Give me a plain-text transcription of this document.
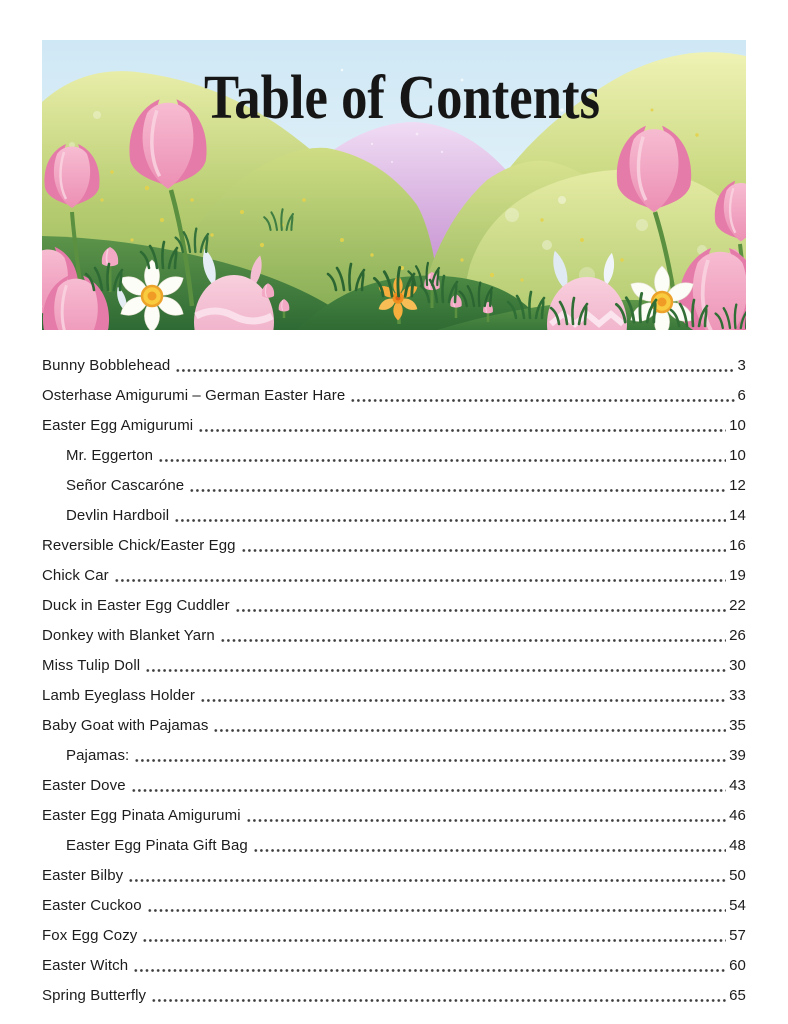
Table of Contents
Bunny Bobblehead	3
Osterhase Amigurumi – German Easter Hare	6
Easter Egg Amigurumi	10
Mr. Eggerton	10
Señor Cascaróne	12
Devlin Hardboil	14
Reversible Chick/Easter Egg	16
Chick Car	19
Duck in Easter Egg Cuddler	22
Donkey with Blanket Yarn	26
Miss Tulip Doll	30
Lamb Eyeglass Holder	33
Baby Goat with Pajamas	35
Pajamas:	39
Easter Dove	43
Easter Egg Pinata Amigurumi	46
Easter Egg Pinata Gift Bag	48
Easter Bilby	50
Easter Cuckoo	54
Fox Egg Cozy	57
Easter Witch	60
Spring Butterfly	65
